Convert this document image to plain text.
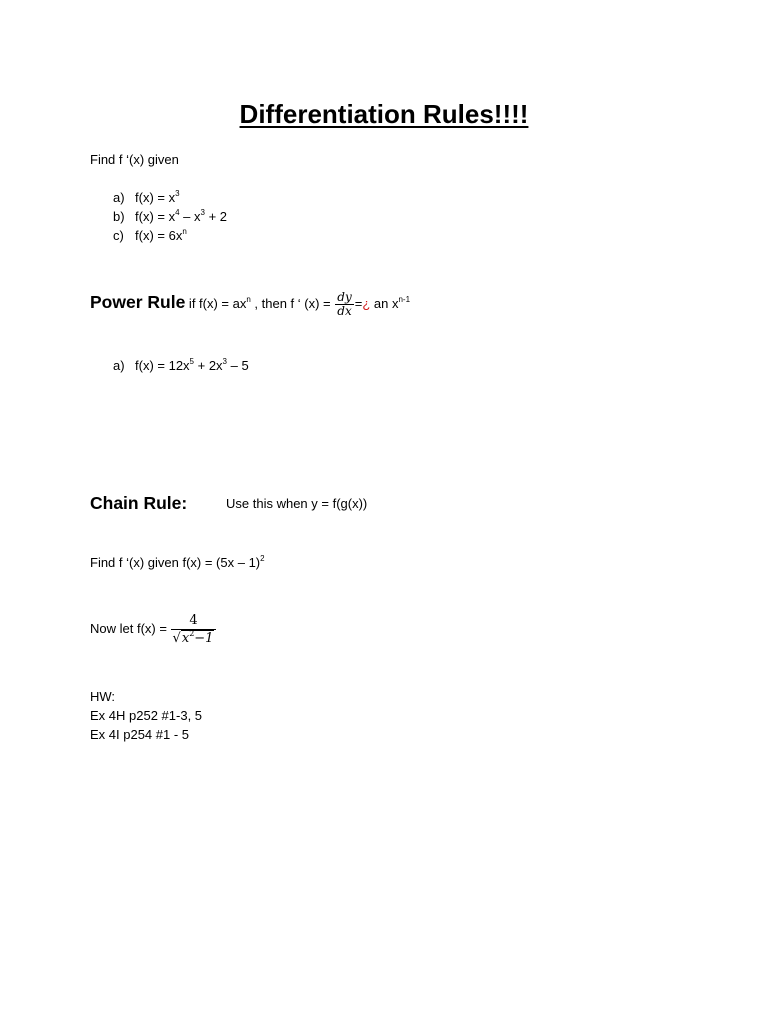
Differentiation Rules!!!!
Find f ‘(x) given
a) $f(x) = x^3$
b) $f(x) = x^4 - x^3 + 2$
c) $f(x) = 6x^n$
Power Rule if $f(x) = ax^n$ , then f ‘ $(x) = \frac{dy}{dx}$ =¿ an $x^{n-1}$
a) $f(x) = 12x^5 + 2x^3 - 5$
Chain Rule:	Use this when y = f(g(x))
Find f ‘(x) given f(x) = (5x – 1)$^2$
Now let $f(x) = \frac{4}{√x^2-1}$
HW:
Ex 4H p252 #1-3, 5
Ex 4I p254 #1 - 5
